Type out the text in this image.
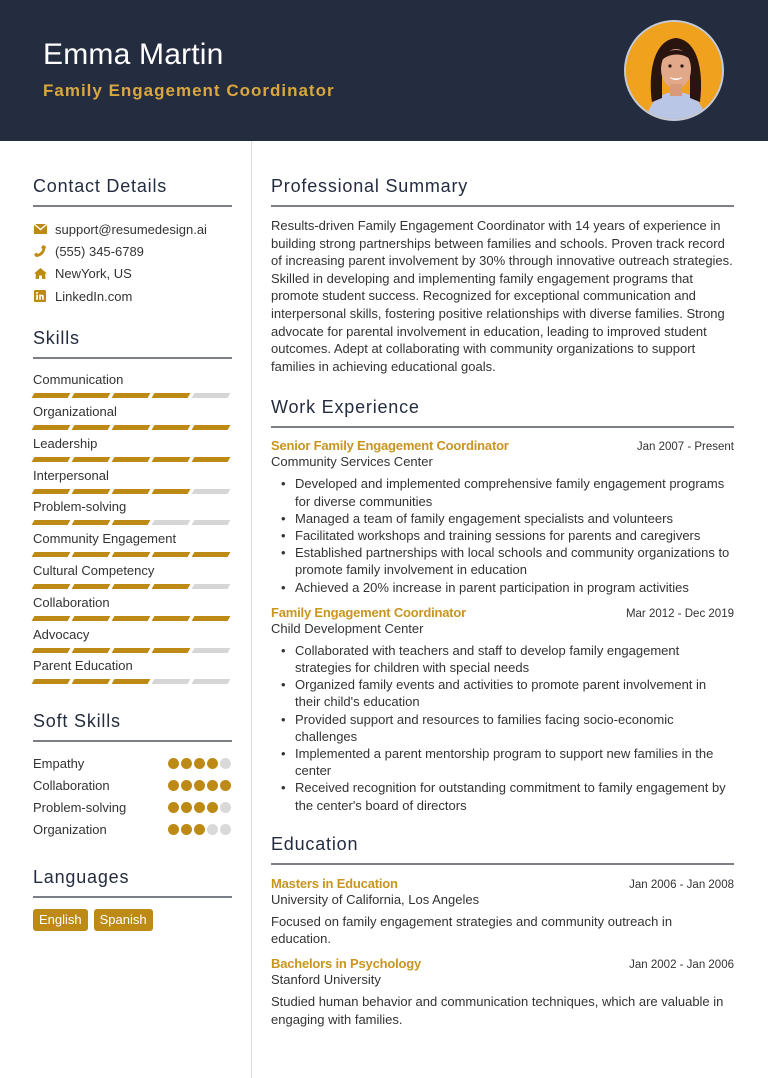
Emma Martin
Family Engagement Coordinator
Contact Details
support@resumedesign.ai
(555) 345-6789
NewYork, US
LinkedIn.com
Skills
Communication
Organizational
Leadership
Interpersonal
Problem-solving
Community Engagement
Cultural Competency
Collaboration
Advocacy
Parent Education
Soft Skills
Empathy
Collaboration
Problem-solving
Organization
Languages
English	Spanish
Professional Summary

Results-driven Family Engagement Coordinator with 14 years of experience in building strong partnerships between families and schools. Proven track record of increasing parent involvement by 30% through innovative outreach strategies. Skilled in developing and implementing family engagement programs that promote student success. Recognized for exceptional communication and interpersonal skills, fostering positive relationships with diverse families. Strong advocate for parental involvement in education, leading to improved student outcomes. Adept at collaborating with community organizations to support families in achieving educational goals.

Work Experience
Senior Family Engagement Coordinator	Jan 2007 - Present
Community Services Center
• Developed and implemented comprehensive family engagement programs for diverse communities
• Managed a team of family engagement specialists and volunteers
• Facilitated workshops and training sessions for parents and caregivers
• Established partnerships with local schools and community organizations to promote family involvement in education
• Achieved a 20% increase in parent participation in program activities
Family Engagement Coordinator	Mar 2012 - Dec 2019
Child Development Center
• Collaborated with teachers and staff to develop family engagement strategies for children with special needs
• Organized family events and activities to promote parent involvement in their child's education
• Provided support and resources to families facing socio-economic challenges
• Implemented a parent mentorship program to support new families in the center
• Received recognition for outstanding commitment to family engagement by the center's board of directors
Education
Masters in Education	Jan 2006 - Jan 2008
University of California, Los Angeles

Focused on family engagement strategies and community outreach in education.

Bachelors in Psychology	Jan 2002 - Jan 2006
Stanford University

Studied human behavior and communication techniques, which are valuable in engaging with families.
